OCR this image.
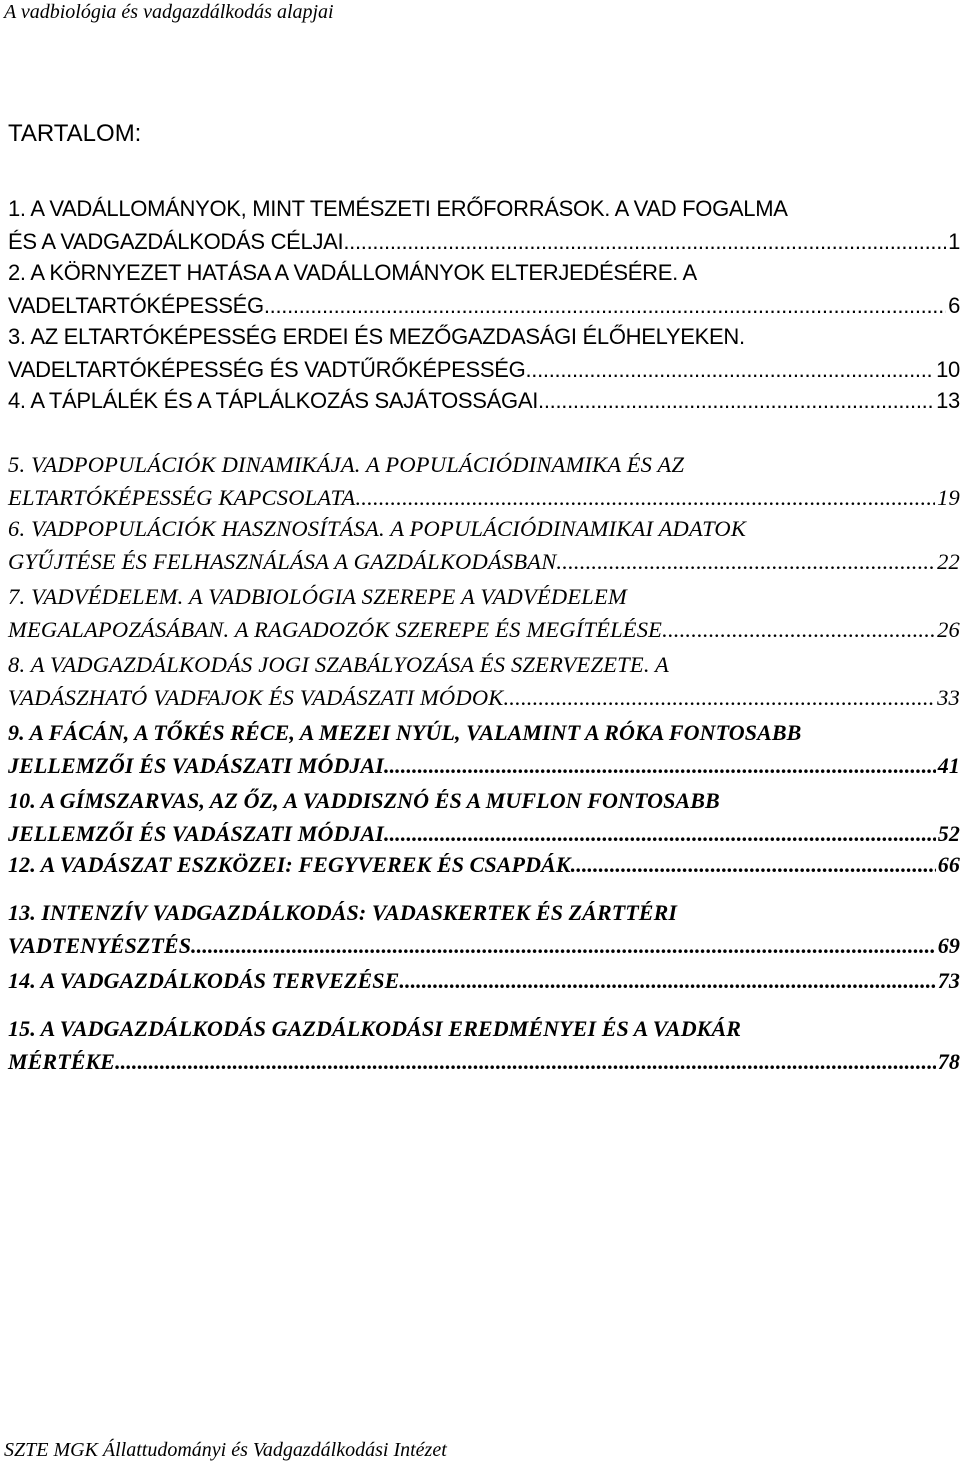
A vadbiológia és vadgazdálkodás alapjai
TARTALOM:
1. A VADÁLLOMÁNYOK, MINT TEMÉSZETI ERŐFORRÁSOK. A VAD FOGALMA
ÉS A VADGAZDÁLKODÁS CÉLJAI .....	1
2. A KÖRNYEZET HATÁSA A VADÁLLOMÁNYOK ELTERJEDÉSÉRE. A
VADELTARTÓKÉPESSÉG. .....	6
3. AZ ELTARTÓKÉPESSÉG ERDEI ÉS MEZŐGAZDASÁGI ÉLŐHELYEKEN.
VADELTARTÓKÉPESSÉG ÉS VADTŰRŐKÉPESSÉG. .....	10
4. A TÁPLÁLÉK ÉS A TÁPLÁLKOZÁS SAJÁTOSSÁGAI .....	13
5. VADPOPULÁCIÓK DINAMIKÁJA. A POPULÁCIÓDINAMIKA ÉS AZ
ELTARTÓKÉPESSÉG KAPCSOLATA. .....	19
6. VADPOPULÁCIÓK HASZNOSÍTÁSA. A POPULÁCIÓDINAMIKAI ADATOK
GYŰJTÉSE ÉS FELHASZNÁLÁSA A GAZDÁLKODÁSBAN. .....	22
7. VADVÉDELEM. A VADBIOLÓGIA SZEREPE A VADVÉDELEM
MEGALAPOZÁSÁBAN. A RAGADOZÓK SZEREPE ÉS MEGÍTÉLÉSE .....	26
8. A VADGAZDÁLKODÁS JOGI SZABÁLYOZÁSA ÉS SZERVEZETE. A
VADÁSZHATÓ VADFAJOK ÉS VADÁSZATI MÓDOK. .....	33
9. A FÁCÁN, A TŐKÉS RÉCE, A MEZEI NYÚL, VALAMINT A RÓKA FONTOSABB
JELLEMZŐI ÉS VADÁSZATI MÓDJAI .....	41
10. A GÍMSZARVAS, AZ ŐZ, A VADDISZNÓ ÉS A MUFLON FONTOSABB
JELLEMZŐI ÉS VADÁSZATI MÓDJAI .....	52
12. A VADÁSZAT ESZKÖZEI: FEGYVEREK ÉS CSAPDÁK .....	66
13. INTENZÍV VADGAZDÁLKODÁS: VADASKERTEK ÉS ZÁRTTÉRI
VADTENYÉSZTÉS .....	69
14. A VADGAZDÁLKODÁS TERVEZÉSE .....	73
15. A VADGAZDÁLKODÁS GAZDÁLKODÁSI EREDMÉNYEI ÉS A VADKÁR
MÉRTÉKE .....	78
SZTE MGK Állattudományi és Vadgazdálkodási Intézet
